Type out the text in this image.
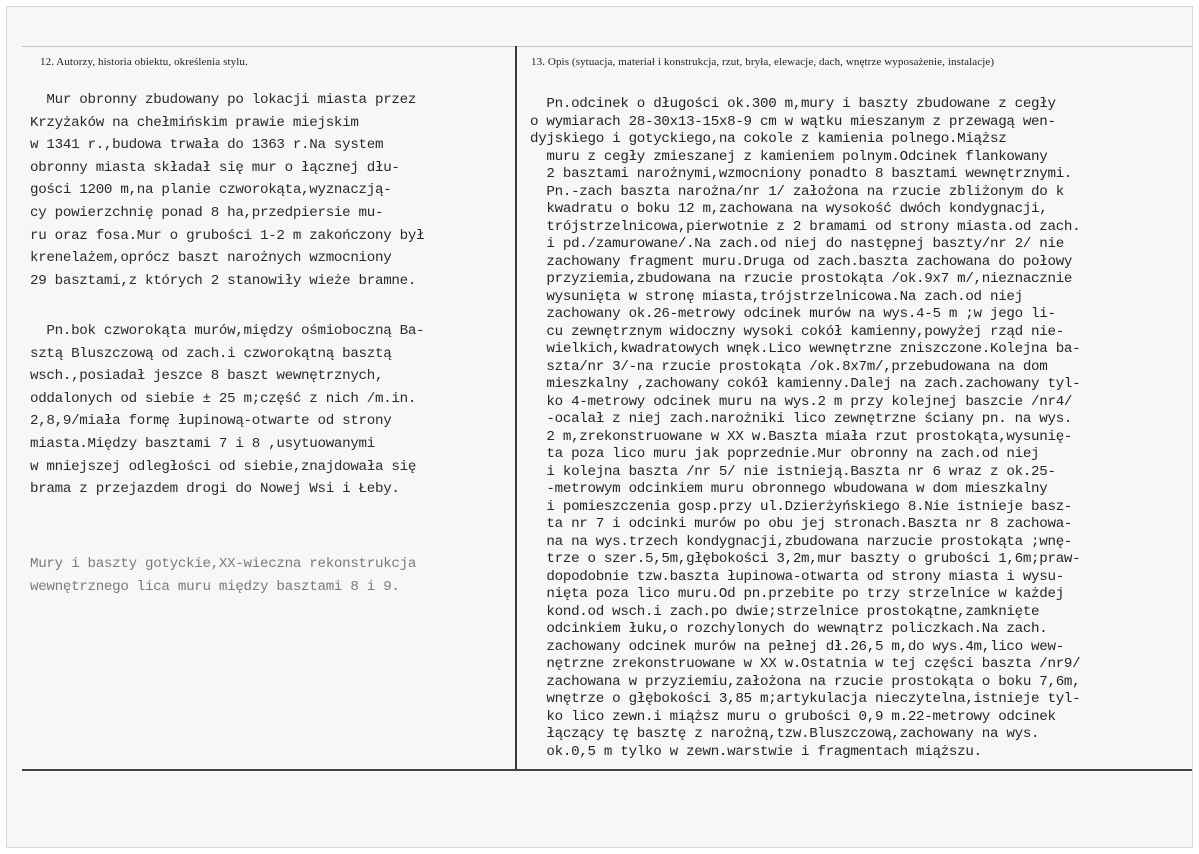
12. Autorzy, historia obiektu, określenia stylu.	13. Opis (sytuacja, materiał i konstrukcja, rzut, bryła, elewacje, dach, wnętrze wyposażenie, instalacje)
Mur obronny zbudowany po lokacji miasta przez
Krzyżaków na chełmińskim prawie miejskim
w 1341 r.,budowa trwała do 1363 r.Na system
obronny miasta składał się mur o łącznej dłu-
gości 1200 m,na planie czworokąta,wyznaczją-
cy powierzchnię ponad 8 ha,przedpiersie mu-
ru oraz fosa.Mur o grubości 1-2 m zakończony był
krenelażem,oprócz baszt narożnych wzmocniony
29 basztami,z których 2 stanowiły wieże bramne.
Pn.bok czworokąta murów,między ośmioboczną Ba-
sztą Bluszczową od zach.i czworokątną basztą
wsch.,posiadał jeszce 8 baszt wewnętrznych,
oddalonych od siebie ± 25 m;część z nich /m.in.
2,8,9/miała formę łupinową-otwarte od strony
miasta.Między basztami 7 i 8 ,usytuowanymi
w mniejszej odległości od siebie,znajdowała się
brama z przejazdem drogi do Nowej Wsi i Łeby.
Mury i baszty gotyckie,XX-wieczna rekonstrukcja
wewnętrznego lica muru między basztami 8 i 9.
Pn.odcinek o długości ok.300 m,mury i baszty zbudowane z cegły
o wymiarach 28-30x13-15x8-9 cm w wątku mieszanym z przewagą wen-
dyjskiego i gotyckiego,na cokole z kamienia polnego.Miąższ
muru z cegły zmieszanej z kamieniem polnym.Odcinek flankowany
2 basztami narożnymi,wzmocniony ponadto 8 basztami wewnętrznymi.
Pn.-zach baszta narożna/nr 1/ założona na rzucie zbliżonym do k
kwadratu o boku 12 m,zachowana na wysokość dwóch kondygnacji,
trójstrzelnicowa,pierwotnie z 2 bramami od strony miasta.od zach.
i pd./zamurowane/.Na zach.od niej do następnej baszty/nr 2/ nie
zachowany fragment muru.Druga od zach.baszta zachowana do połowy
przyziemia,zbudowana na rzucie prostokąta /ok.9x7 m/,nieznacznie
wysunięta w stronę miasta,trójstrzelnicowa.Na zach.od niej
zachowany ok.26-metrowy odcinek murów na wys.4-5 m ;w jego li-
cu zewnętrznym widoczny wysoki cokół kamienny,powyżej rząd nie-
wielkich,kwadratowych wnęk.Lico wewnętrzne zniszczone.Kolejna ba-
szta/nr 3/-na rzucie prostokąta /ok.8x7m/,przebudowana na dom
mieszkalny ,zachowany cokół kamienny.Dalej na zach.zachowany tyl-
ko 4-metrowy odcinek muru na wys.2 m przy kolejnej baszcie /nr4/
-ocalał z niej zach.narożniki lico zewnętrzne ściany pn. na wys.
2 m,zrekonstruowane w XX w.Baszta miała rzut prostokąta,wysunię-
ta poza lico muru jak poprzednie.Mur obronny na zach.od niej
i kolejna baszta /nr 5/ nie istnieją.Baszta nr 6 wraz z ok.25-
-metrowym odcinkiem muru obronnego wbudowana w dom mieszkalny
i pomieszczenia gosp.przy ul.Dzierżyńskiego 8.Nie istnieje basz-
ta nr 7 i odcinki murów po obu jej stronach.Baszta nr 8 zachowa-
na na wys.trzech kondygnacji,zbudowana narzucie prostokąta ;wnę-
trze o szer.5,5m,głębokości 3,2m,mur baszty o grubości 1,6m;praw-
dopodobnie tzw.baszta łupinowa-otwarta od strony miasta i wysu-
nięta poza lico muru.Od pn.przebite po trzy strzelnice w każdej
kond.od wsch.i zach.po dwie;strzelnice prostokątne,zamknięte
odcinkiem łuku,o rozchylonych do wewnątrz policzkach.Na zach.
zachowany odcinek murów na pełnej dł.26,5 m,do wys.4m,lico wew-
nętrzne zrekonstruowane w XX w.Ostatnia w tej części baszta /nr9/
zachowana w przyziemiu,założona na rzucie prostokąta o boku 7,6m,
wnętrze o głębokości 3,85 m;artykulacja nieczytelna,istnieje tyl-
ko lico zewn.i miąższ muru o grubości 0,9 m.22-metrowy odcinek
łączący tę basztę z narożną,tzw.Bluszczową,zachowany na wys.
ok.0,5 m tylko w zewn.warstwie i fragmentach miąższu.
